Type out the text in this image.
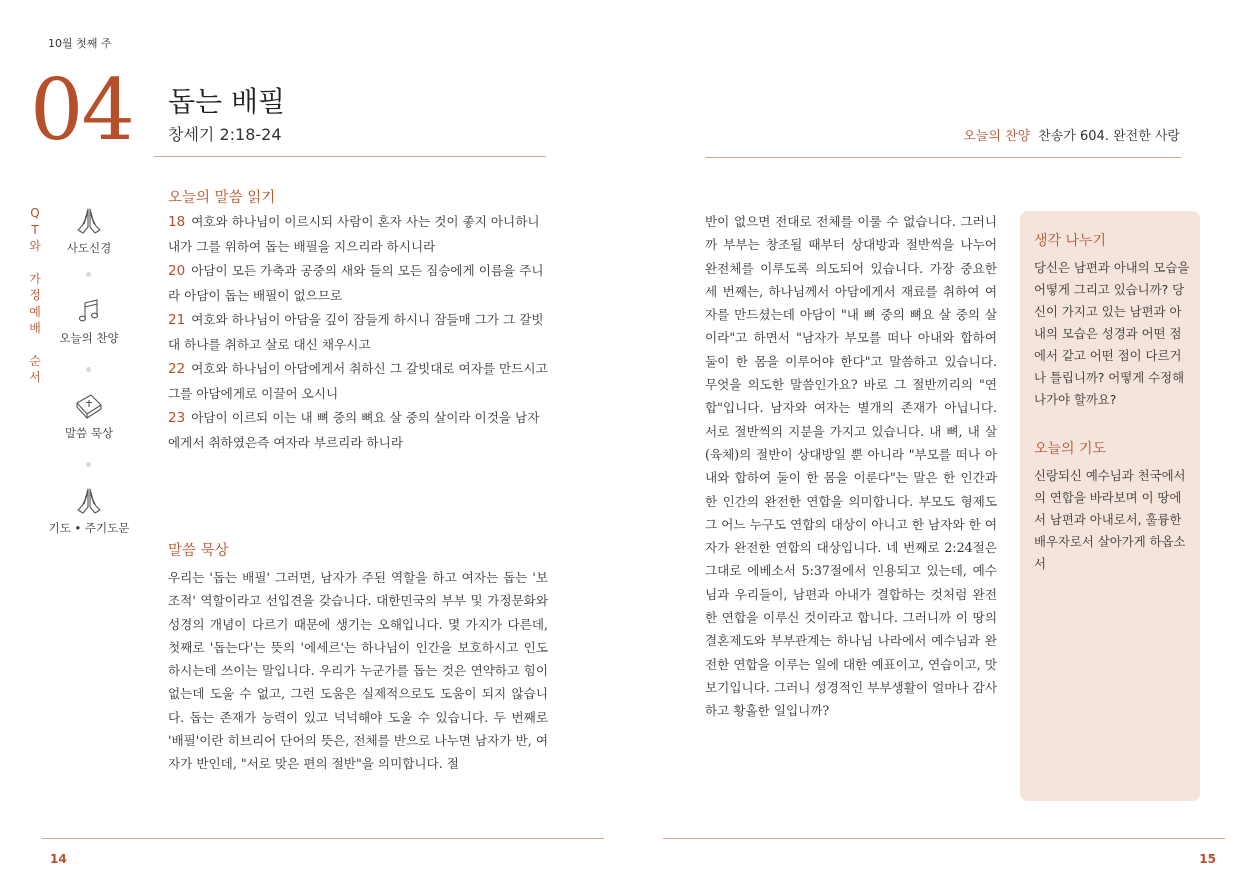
10월 첫째 주
04 돕는 배필
창세기 2:18-24	오늘의 찬양 찬송가 604. 완전한 사랑
Q
T
와
가
정
예
배
순
서
사도신경
오늘의 찬양
말씀 묵상
기도 • 주기도문
오늘의 말씀 읽기

18 여호와 하나님이 이르시되 사람이 혼자 사는 것이 좋지 아니하니 내가 그를 위하여 돕는 배필을 지으리라 하시니라

20 아담이 모든 가축과 공중의 새와 들의 모든 짐승에게 이름을 주니라 아담이 돕는 배필이 없으므로

21 여호와 하나님이 아담을 깊이 잠들게 하시니 잠들매 그가 그 갈빗대 하나를 취하고 살로 대신 채우시고

22 여호와 하나님이 아담에게서 취하신 그 갈빗대로 여자를 만드시고 그를 아담에게로 이끌어 오시니

23 아담이 이르되 이는 내 뼈 중의 뼈요 살 중의 살이라 이것을 남자에게서 취하였은즉 여자라 부르리라 하니라

말씀 묵상
우리는 '돕는 배필' 그러면, 남자가 주된 역할을 하고 여자는 돕는 '보조적' 역할이라고 선입견을 갖습니다. 대한민국의 부부 및 가정문화와 성경의 개념이 다르기 때문에 생기는 오해입니다. 몇 가지가 다른데, 첫째로 '돕는다'는 뜻의 '에세르'는 하나님이 인간을 보호하시고 인도하시는데 쓰이는 말입니다. 우리가 누군가를 돕는 것은 연약하고 힘이 없는데 도울 수 없고, 그런 도움은 실제적으로도 도움이 되지 않습니다. 돕는 존재가 능력이 있고 넉넉해야 도울 수 있습니다. 두 번째로 '배필'이란 히브리어 단어의 뜻은, 전체를 반으로 나누면 남자가 반, 여자가 반인데, "서로 맞은 편의 절반"을 의미합니다. 절
반이 없으면 전대로 전체를 이룰 수 없습니다. 그러니까 부부는 창조될 때부터 상대방과 절반씩을 나누어 완전체를 이루도록 의도되어 있습니다. 가장 중요한 세 번째는, 하나님께서 아담에게서 재료를 취하여 여자를 만드셨는데 아담이 "내 뼈 중의 뼈요 살 중의 살이라"고 하면서 "남자가 부모를 떠나 아내와 합하여 둘이 한 몸을 이루어야 한다"고 말씀하고 있습니다. 무엇을 의도한 말씀인가요? 바로 그 절반끼리의 "연합"입니다. 남자와 여자는 별개의 존재가 아닙니다. 서로 절반씩의 지분을 가지고 있습니다. 내 뼈, 내 살(육체)의 절반이 상대방일 뿐 아니라 "부모를 떠나 아내와 합하여 둘이 한 몸을 이룬다"는 말은 한 인간과 한 인간의 완전한 연합을 의미합니다. 부모도 형제도 그 어느 누구도 연합의 대상이 아니고 한 남자와 한 여자가 완전한 연합의 대상입니다. 네 번째로 2:24절은 그대로 에베소서 5:37절에서 인용되고 있는데, 예수님과 우리들이, 남편과 아내가 결합하는 것처럼 완전한 연합을 이루신 것이라고 합니다. 그러니까 이 땅의 결혼제도와 부부관계는 하나님 나라에서 예수님과 완전한 연합을 이루는 일에 대한 예표이고, 연습이고, 맛보기입니다. 그러니 성경적인 부부생활이 얼마나 감사하고 황홀한 일입니까?
생각 나누기
당신은 남편과 아내의 모습을 어떻게 그리고 있습니까? 당신이 가지고 있는 남편과 아내의 모습은 성경과 어떤 점에서 같고 어떤 점이 다르거나 틀립니까? 어떻게 수정해 나가야 할까요?
오늘의 기도
신랑되신 예수님과 천국에서의 연합을 바라보며 이 땅에서 남편과 아내로서, 훌륭한 배우자로서 살아가게 하옵소서
14	15
